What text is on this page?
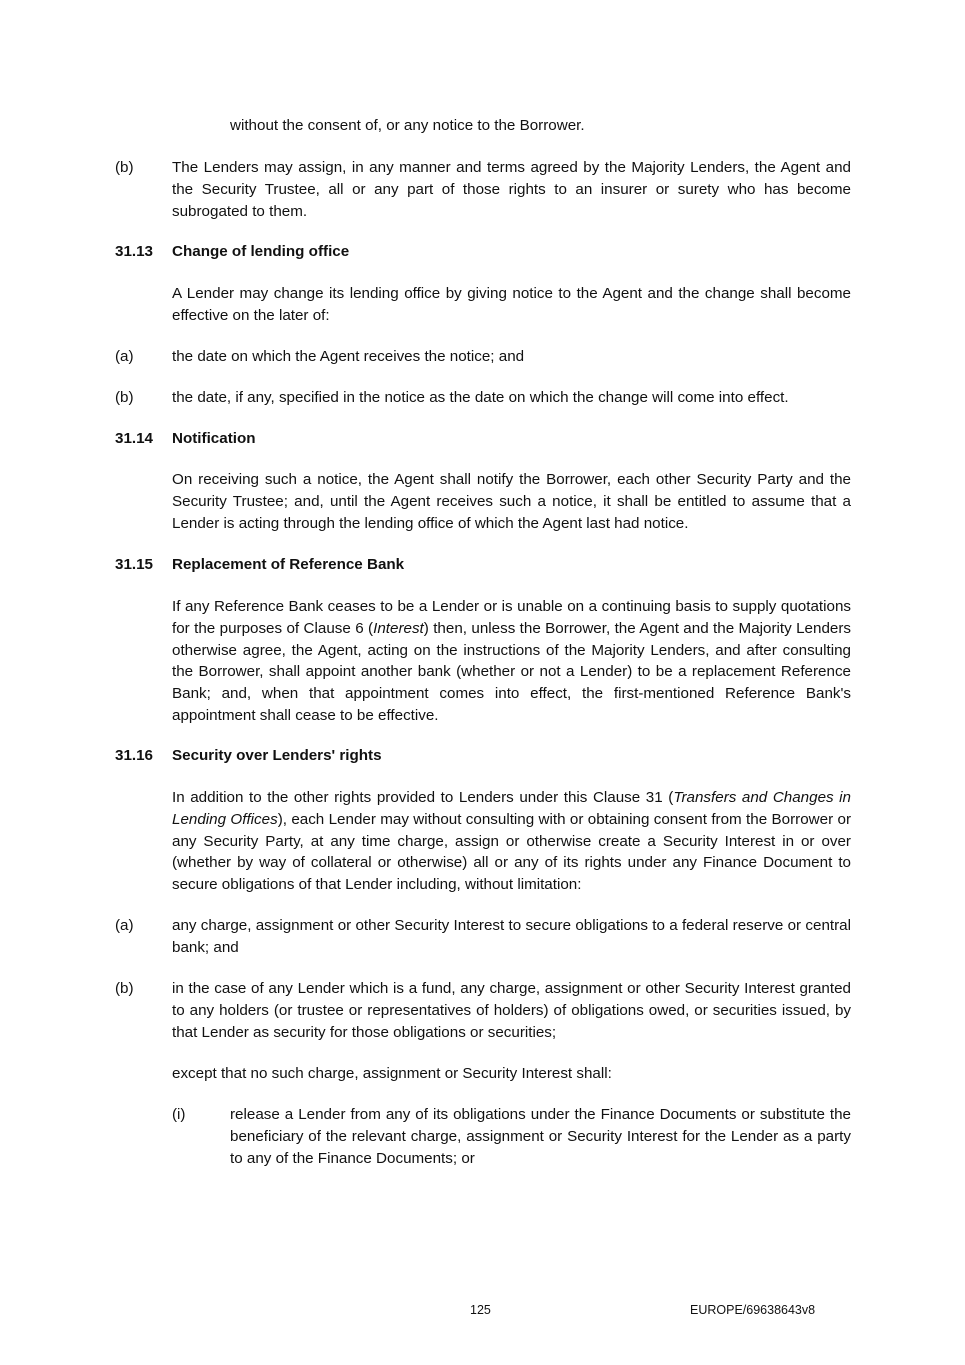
without the consent of, or any notice to the Borrower.
(b)	The Lenders may assign, in any manner and terms agreed by the Majority Lenders, the Agent and the Security Trustee, all or any part of those rights to an insurer or surety who has become subrogated to them.
31.13 Change of lending office
A Lender may change its lending office by giving notice to the Agent and the change shall become effective on the later of:
(a)	the date on which the Agent receives the notice; and
(b)	the date, if any, specified in the notice as the date on which the change will come into effect.
31.14 Notification
On receiving such a notice, the Agent shall notify the Borrower, each other Security Party and the Security Trustee; and, until the Agent receives such a notice, it shall be entitled to assume that a Lender is acting through the lending office of which the Agent last had notice.
31.15 Replacement of Reference Bank
If any Reference Bank ceases to be a Lender or is unable on a continuing basis to supply quotations for the purposes of Clause 6 (Interest) then, unless the Borrower, the Agent and the Majority Lenders otherwise agree, the Agent, acting on the instructions of the Majority Lenders, and after consulting the Borrower, shall appoint another bank (whether or not a Lender) to be a replacement Reference Bank; and, when that appointment comes into effect, the first-mentioned Reference Bank's appointment shall cease to be effective.
31.16 Security over Lenders' rights
In addition to the other rights provided to Lenders under this Clause 31 (Transfers and Changes in Lending Offices), each Lender may without consulting with or obtaining consent from the Borrower or any Security Party, at any time charge, assign or otherwise create a Security Interest in or over (whether by way of collateral or otherwise) all or any of its rights under any Finance Document to secure obligations of that Lender including, without limitation:
(a)	any charge, assignment or other Security Interest to secure obligations to a federal reserve or central bank; and
(b)	in the case of any Lender which is a fund, any charge, assignment or other Security Interest granted to any holders (or trustee or representatives of holders) of obligations owed, or securities issued, by that Lender as security for those obligations or securities;
except that no such charge, assignment or Security Interest shall:
(i)	release a Lender from any of its obligations under the Finance Documents or substitute the beneficiary of the relevant charge, assignment or Security Interest for the Lender as a party to any of the Finance Documents; or
125	EUROPE/69638643v8
